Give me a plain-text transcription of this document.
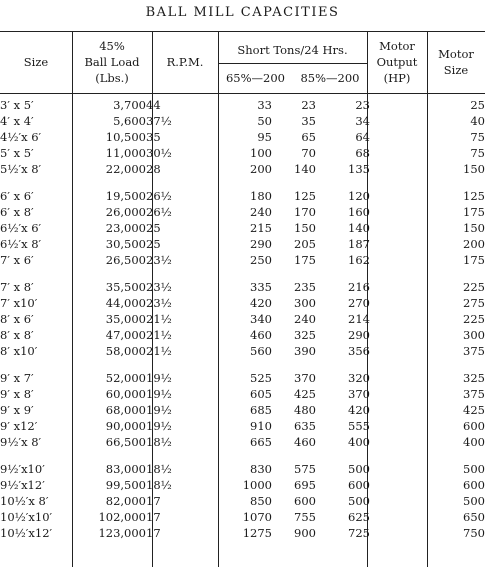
BALL MILL CAPACITIES
Size
45%
Ball Load
(Lbs.)
R.P.M.
Short Tons/24 Hrs.
65%—200	85%—200
Motor
Output
(HP)
Motor
Size
3′ x 5′	3,700	44	33	23	23	25
4′ x 4′	5,600	37½	50	35	34	40
4½′x 6′	10,500	35	95	65	64	75
5′ x 5′	11,000	30½	100	70	68	75
5½′x 8′	22,000	28	200	140	135	150

6′ x 6′	19,500	26½	180	125	120	125
6′ x 8′	26,000	26½	240	170	160	175
6½′x 6′	23,000	25	215	150	140	150
6½′x 8′	30,500	25	290	205	187	200
7′ x 6′	26,500	23½	250	175	162	175

7′ x 8′	35,500	23½	335	235	216	225
7′ x10′	44,000	23½	420	300	270	275
8′ x 6′	35,000	21½	340	240	214	225
8′ x 8′	47,000	21½	460	325	290	300
8′ x10′	58,000	21½	560	390	356	375

9′ x 7′	52,000	19½	525	370	320	325
9′ x 8′	60,000	19½	605	425	370	375
9′ x 9′	68,000	19½	685	480	420	425
9′ x12′	90,000	19½	910	635	555	600
9½′x 8′	66,500	18½	665	460	400	400

9½′x10′	83,000	18½	830	575	500	500
9½′x12′	99,500	18½	1000	695	600	600
10½′x 8′	82,000	17	850	600	500	500
10½′x10′	102,000	17	1070	755	625	650
10½′x12′	123,000	17	1275	900	725	750
